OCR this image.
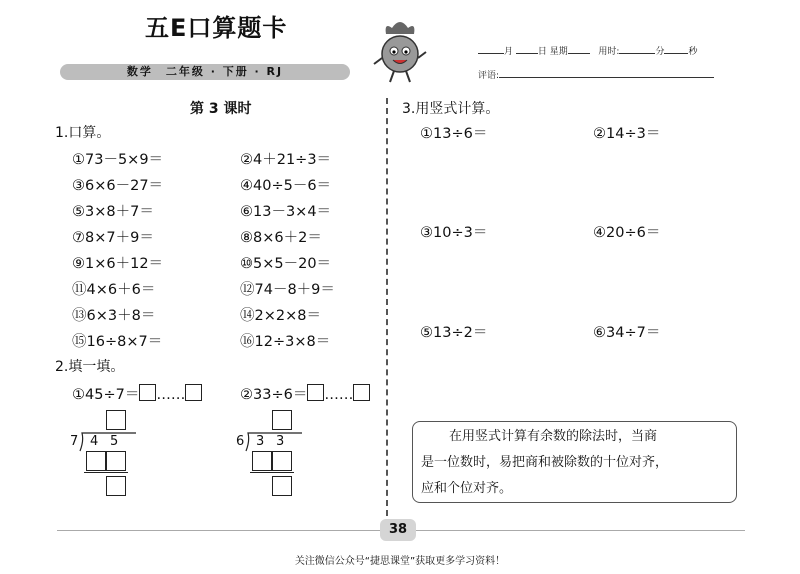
五E口算题卡
数学　二年级 · 下册 · RJ
月	日 星期	用时:	分	秒
评语:
第 3 课时
1.口算。
①73－5×9＝	②4＋21÷3＝
③6×6－27＝	④40÷5－6＝
⑤3×8＋7＝	⑥13－3×4＝
⑦8×7＋9＝	⑧8×6＋2＝
⑨1×6＋12＝	⑩5×5－20＝
⑪4×6＋6＝	⑫74－8＋9＝
⑬6×3＋8＝	⑭2×2×8＝
⑮16÷8×7＝	⑯12÷3×8＝
2.填一填。
①45÷7＝ ……	②33÷6＝ ……
7 4 5	6 3 3
3.用竖式计算。
①13÷6＝	②14÷3＝
③10÷3＝	④20÷6＝
⑤13÷2＝	⑥34÷7＝
在用竖式计算有余数的除法时，当商
是一位数时，易把商和被除数的十位对齐，
应和个位对齐。
38
关注微信公众号“捷思课堂”获取更多学习资料！
